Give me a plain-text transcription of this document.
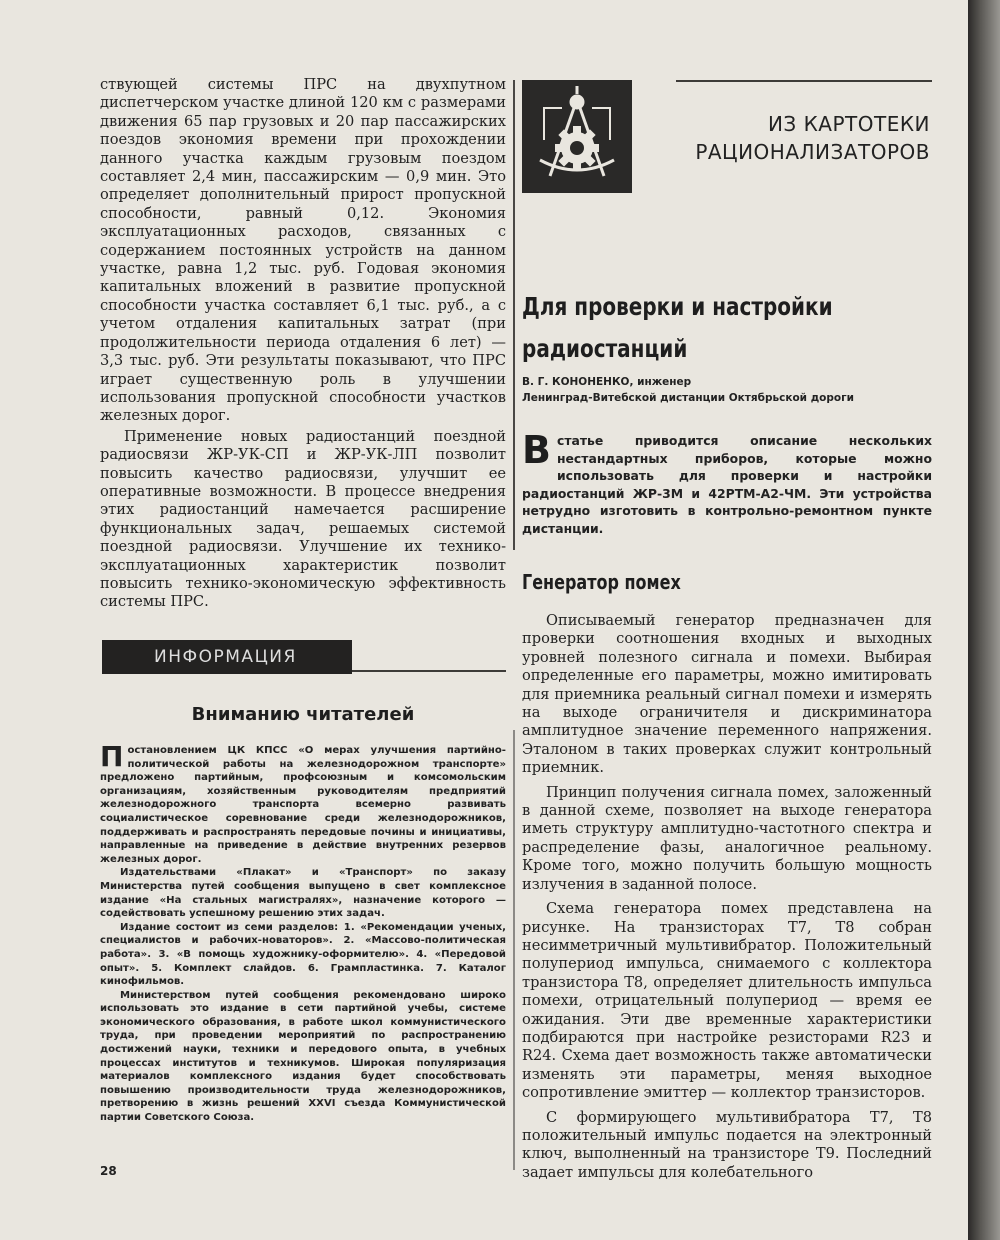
ствующей системы ПРС на двухпутном диспетчерском участке длиной 120 км с размерами движения 65 пар грузовых и 20 пар пассажирских поездов экономия времени при прохождении данного участка каждым грузовым поездом составляет 2,4 мин, пассажирским — 0,9 мин. Это определяет дополнительный прирост пропускной способности, равный 0,12. Экономия эксплуатационных расходов, связанных с содержанием постоянных устройств на данном участке, равна 1,2 тыс. руб. Годовая экономия капитальных вложений в развитие пропускной способности участка составляет 6,1 тыс. руб., а с учетом отдаления капитальных затрат (при продолжительности периода отдаления 6 лет) — 3,3 тыс. руб. Эти результаты показывают, что ПРС играет существенную роль в улучшении использования пропускной способности участков железных дорог.

Применение новых радиостанций поездной радиосвязи ЖР-УК-СП и ЖР-УК-ЛП позволит повысить качество радиосвязи, улучшит ее оперативные возможности. В процессе внедрения этих радиостанций намечается расширение функциональных задач, решаемых системой поездной радиосвязи. Улучшение их технико-эксплуатационных характеристик позволит повысить технико-экономическую эффективность системы ПРС.

ИЗ КАРТОТЕКИ
РАЦИОНАЛИЗАТОРОВ
Для проверки и настройки радиостанций
В. Г. КОНОНЕНКО, инженер
Ленинград-Витебской дистанции Октябрьской дороги

Встатье приводится описание нескольких нестандартных приборов, которые можно использовать для проверки и настройки радиостанций ЖР-3М и 42РТМ-А2-ЧМ. Эти устройства нетрудно изготовить в контрольно-ремонтном пункте дистанции.

Генератор помех

Описываемый генератор предназначен для проверки соотношения входных и выходных уровней полезного сигнала и помехи. Выбирая определенные его параметры, можно имитировать для приемника реальный сигнал помехи и измерять на выходе ограничителя и дискриминатора амплитудное значение переменного напряжения. Эталоном в таких проверках служит контрольный приемник.

Принцип получения сигнала помех, заложенный в данной схеме, позволяет на выходе генератора иметь структуру амплитудно-частотного спектра и распределение фазы, аналогичное реальному. Кроме того, можно получить большую мощность излучения в заданной полосе.

Схема генератора помех представлена на рисунке. На транзисторах Т7, Т8 собран несимметричный мультивибратор. Положительный полупериод импульса, снимаемого с коллектора транзистора Т8, определяет длительность импульса помехи, отрицательный полупериод — время ее ожидания. Эти две временные характеристики подбираются при настройке резисторами R23 и R24. Схема дает возможность также автоматически изменять эти параметры, меняя выходное сопротивление эмиттер — коллектор транзисторов.

С формирующего мультивибратора Т7, Т8 положительный импульс подается на электронный ключ, выполненный на транзисторе Т9. Последний задает импульсы для колебательного

ИНФОРМАЦИЯ
Вниманию читателей

Постановлением ЦК КПСС «О мерах улучшения партийно-политической работы на железнодорожном транспорте» предложено партийным, профсоюзным и комсомольским организациям, хозяйственным руководителям предприятий железнодорожного транспорта всемерно развивать социалистическое соревнование среди железнодорожников, поддерживать и распространять передовые почины и инициативы, направленные на приведение в действие внутренних резервов железных дорог.

Издательствами «Плакат» и «Транспорт» по заказу Министерства путей сообщения выпущено в свет комплексное издание «На стальных магистралях», назначение которого — содействовать успешному решению этих задач.

Издание состоит из семи разделов: 1. «Рекомендации ученых, специалистов и рабочих-новаторов». 2. «Массово-политическая работа». 3. «В помощь художнику-оформителю». 4. «Передовой опыт». 5. Комплект слайдов. 6. Грампластинка. 7. Каталог кинофильмов.

Министерством путей сообщения рекомендовано широко использовать это издание в сети партийной учебы, системе экономического образования, в работе школ коммунистического труда, при проведении мероприятий по распространению достижений науки, техники и передового опыта, в учебных процессах институтов и техникумов. Широкая популяризация материалов комплексного издания будет способствовать повышению производительности труда железнодорожников, претворению в жизнь решений XXVI съезда Коммунистической партии Советского Союза.

28
